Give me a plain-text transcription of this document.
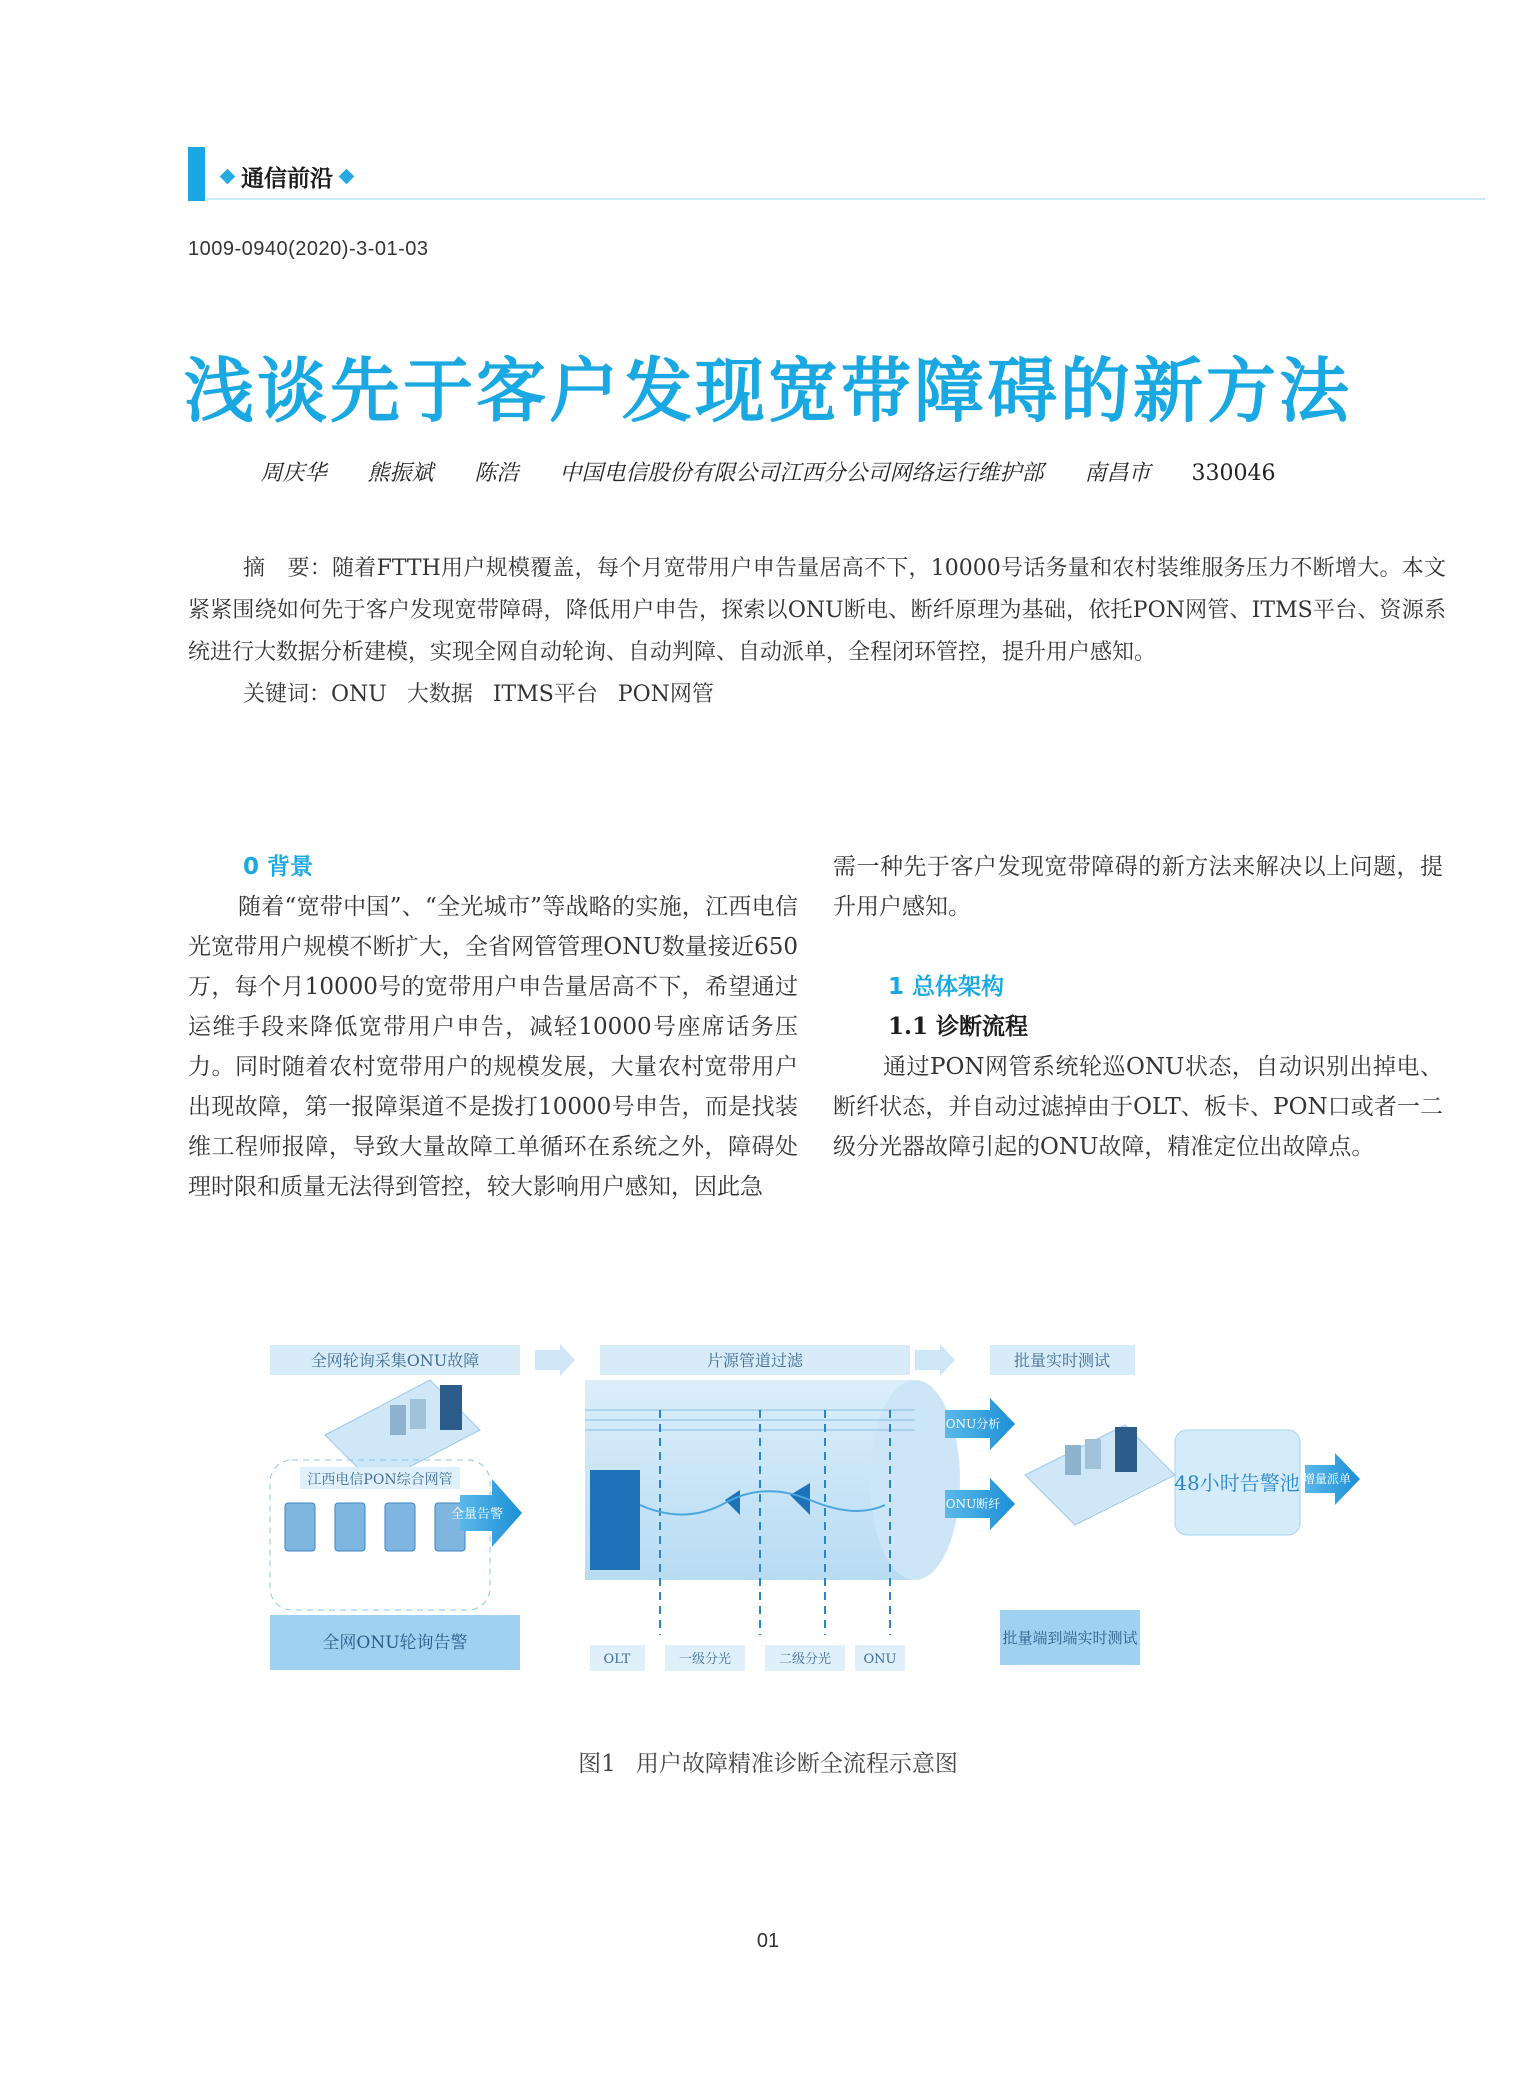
通信前沿
1009-0940(2020)-3-01-03
浅谈先于客户发现宽带障碍的新方法
周庆华 熊振斌 陈浩 中国电信股份有限公司江西分公司网络运行维护部 南昌市 330046

摘　要：随着FTTH用户规模覆盖，每个月宽带用户申告量居高不下，10000号话务量和农村装维服务压力不断增大。本文紧紧围绕如何先于客户发现宽带障碍，降低用户申告，探索以ONU断电、断纤原理为基础，依托PON网管、ITMS平台、资源系统进行大数据分析建模，实现全网自动轮询、自动判障、自动派单，全程闭环管控，提升用户感知。

关键词：ONU 大数据 ITMS平台 PON网管

0 背景

随着“宽带中国”、“全光城市”等战略的实施，江西电信光宽带用户规模不断扩大，全省网管管理ONU数量接近650万，每个月10000号的宽带用户申告量居高不下，希望通过运维手段来降低宽带用户申告，减轻10000号座席话务压力。同时随着农村宽带用户的规模发展，大量农村宽带用户出现故障，第一报障渠道不是拨打10000号申告，而是找装维工程师报障，导致大量故障工单循环在系统之外，障碍处理时限和质量无法得到管控，较大影响用户感知，因此急

需一种先于客户发现宽带障碍的新方法来解决以上问题，提升用户感知。

1 总体架构
1.1 诊断流程

通过PON网管系统轮巡ONU状态，自动识别出掉电、断纤状态，并自动过滤掉由于OLT、板卡、PON口或者一二级分光器故障引起的ONU故障，精准定位出故障点。

全网轮询采集ONU故障	片源管道过滤	批量实时测试
江西电信PON综合网管
全网ONU轮询告警
全量告警
OLT	一级分光	二级分光 ONU
ONU分析
ONU断纤
批量端到端实时测试
48小时告警池 增量派单
图1 用户故障精准诊断全流程示意图
01
